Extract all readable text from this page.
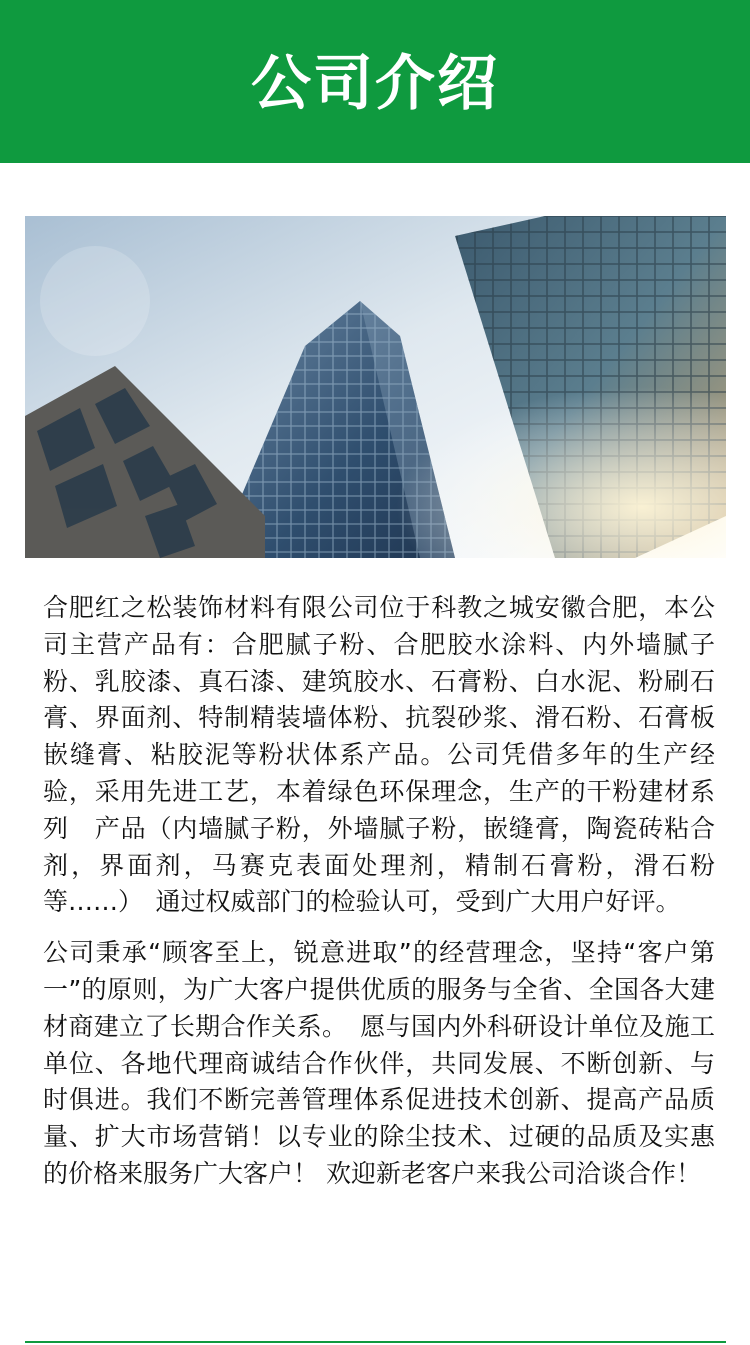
公司介绍

合肥红之松装饰材料有限公司位于科教之城安徽合肥，本公司主营产品有：合肥腻子粉、合肥胶水涂料、内外墙腻子粉、乳胶漆、真石漆、建筑胶水、石膏粉、白水泥、粉刷石膏、界面剂、特制精装墙体粉、抗裂砂浆、滑石粉、石膏板嵌缝膏、粘胶泥等粉状体系产品。公司凭借多年的生产经验，采用先进工艺，本着绿色环保理念，生产的干粉建材系列　产品（内墙腻子粉，外墙腻子粉，嵌缝膏，陶瓷砖粘合剂，界面剂，马赛克表面处理剂，精制石膏粉，滑石粉等……）　通过权威部门的检验认可，受到广大用户好评。

公司秉承“顾客至上，锐意进取”的经营理念，坚持“客户第一”的原则，为广大客户提供优质的服务与全省、全国各大建材商建立了长期合作关系。　愿与国内外科研设计单位及施工单位、各地代理商诚结合作伙伴，共同发展、不断创新、与时俱进。我们不断完善管理体系促进技术创新、提高产品质量、扩大市场营销！以专业的除尘技术、过硬的品质及实惠的价格来服务广大客户！ 欢迎新老客户来我公司洽谈合作！
